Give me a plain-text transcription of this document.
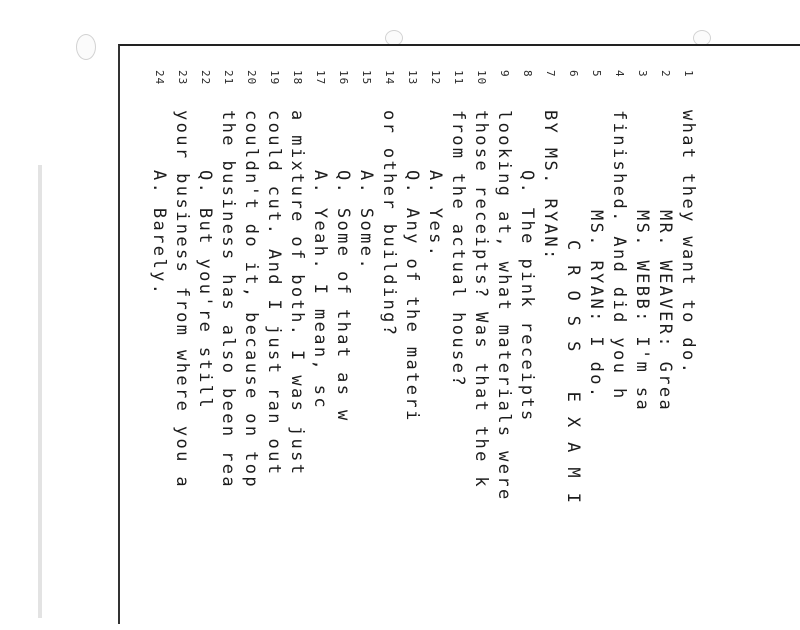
1
what they want to do.
2
MR. WEAVER: Grea
3
MS. WEBB: I'm sa
4
finished. And did you h
5
MS. RYAN: I do.
6
C R O S S   E X A M I
7
BY MS. RYAN:
8
Q. The pink receipts
9
looking at, what materials were
10
those receipts? Was that the k
11
from the actual house?
12
A. Yes.
13
Q. Any of the materi
14
or other building?
15
A. Some.
16
Q. Some of that as w
17
A. Yeah. I mean, sc
18
a mixture of both. I was just
19
could cut. And I just ran out
20
couldn't do it, because on top
21
the business has also been rea
22
Q. But you're still
23
your business from where you a
24
A. Barely.
